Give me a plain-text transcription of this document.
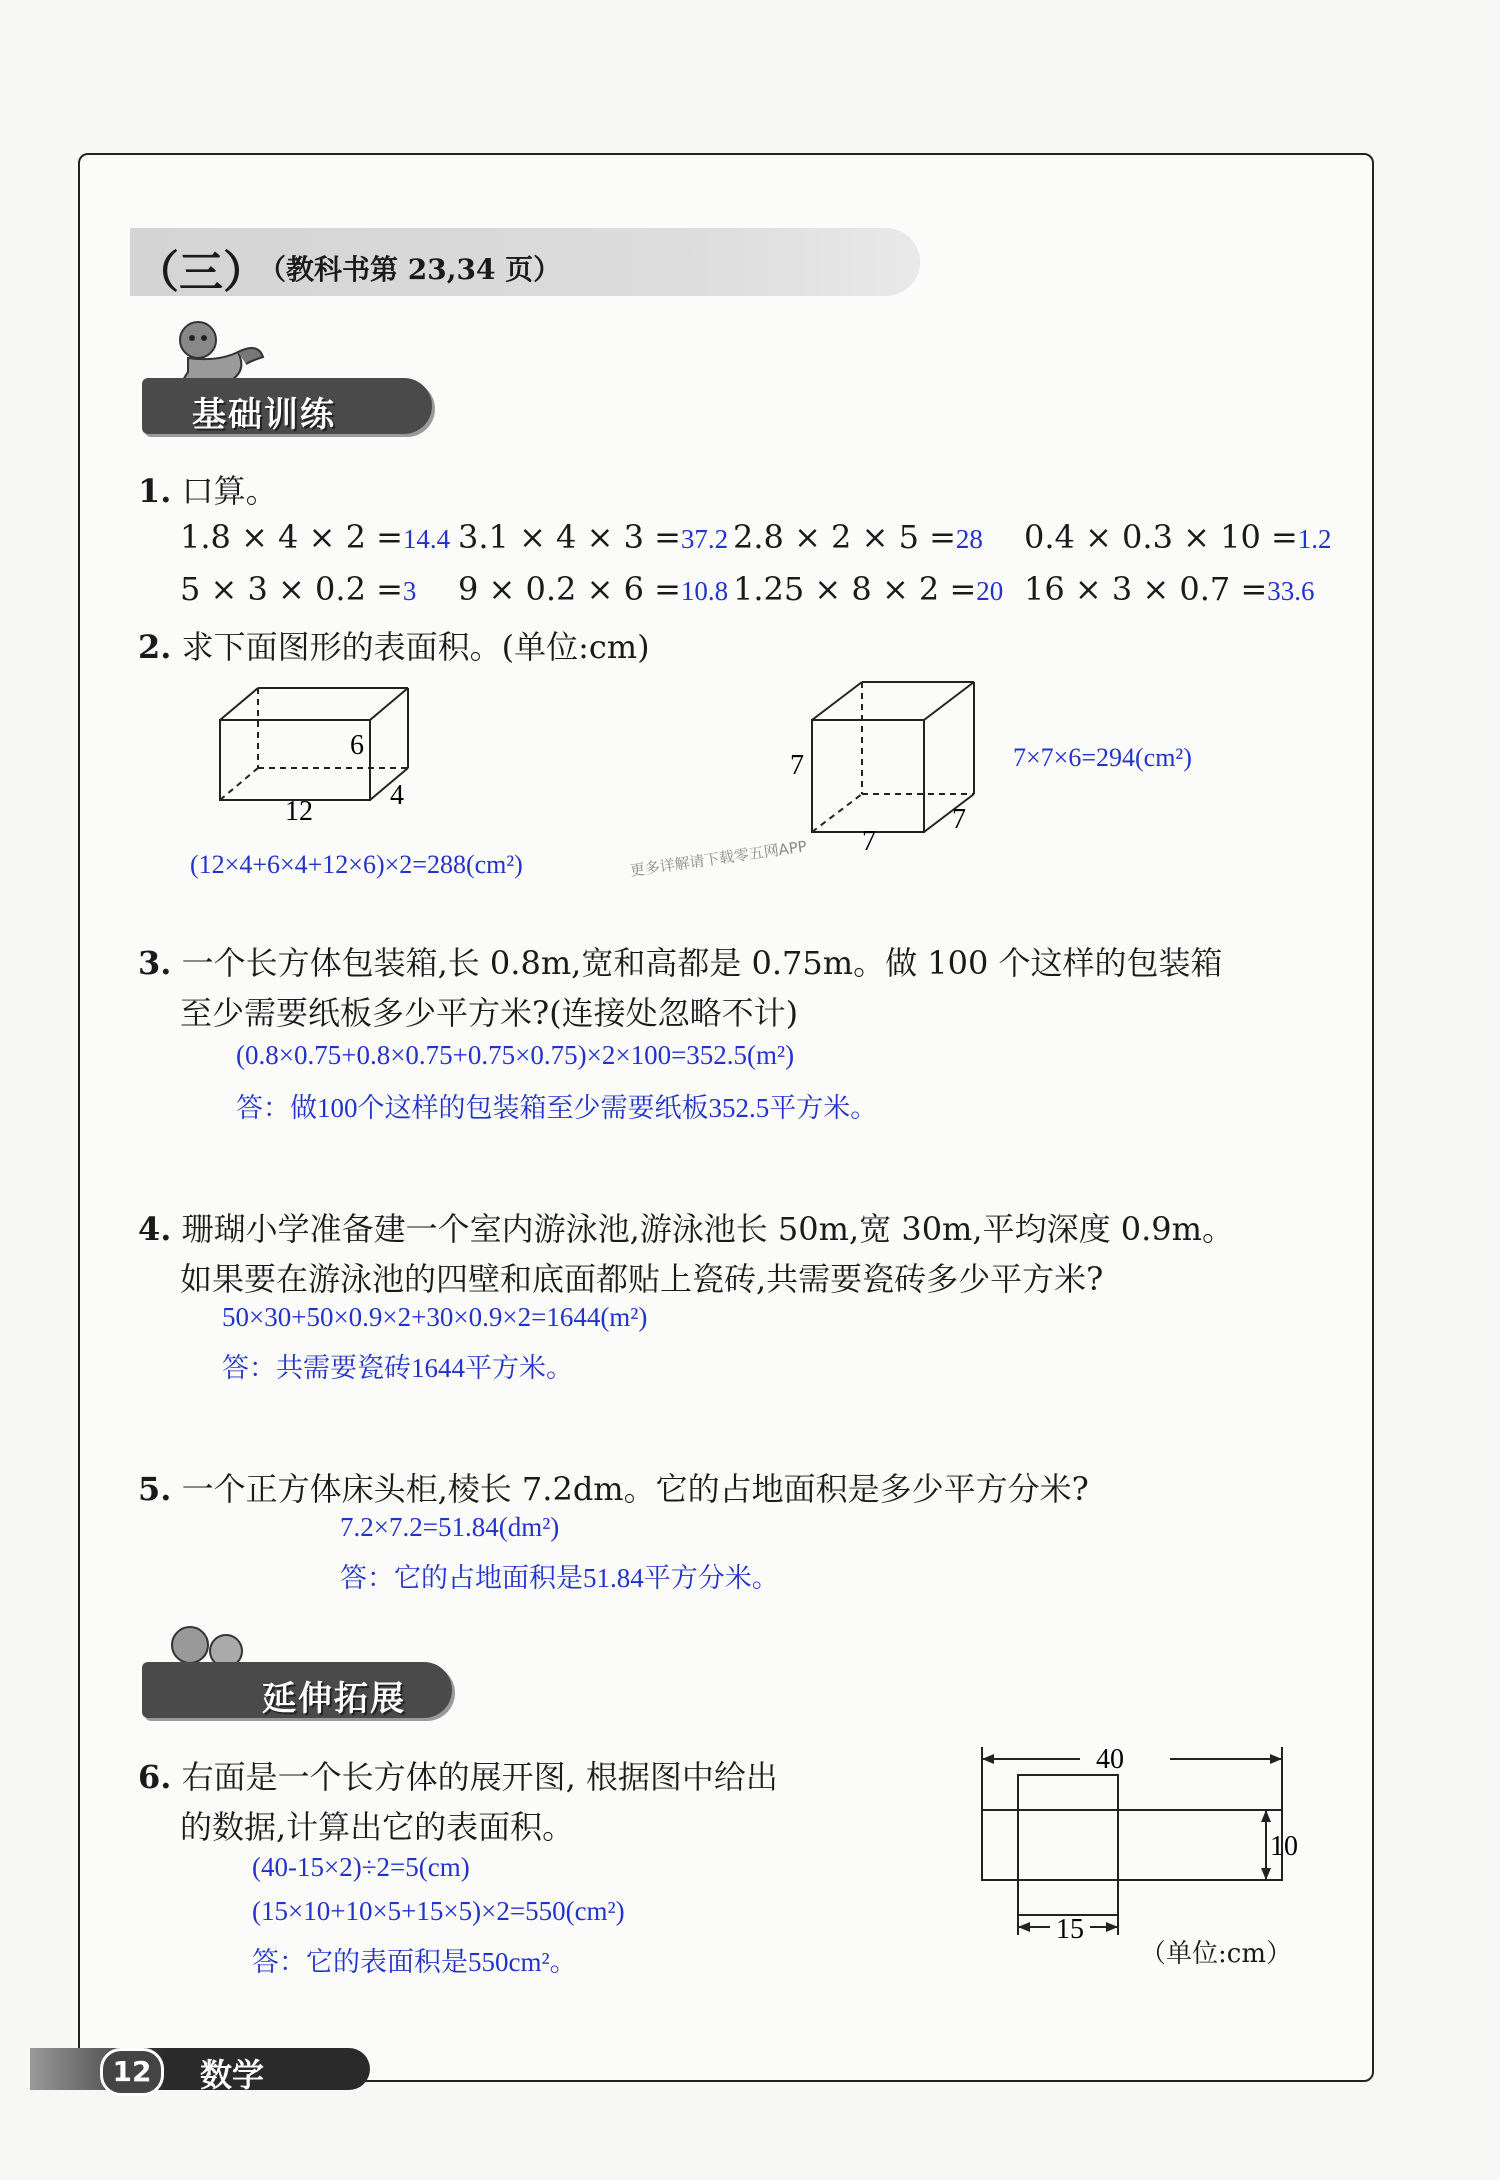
（三）
（教科书第 23,34 页）
基础训练
1. 口算。
1.8 × 4 × 2 =14.4 3.1 × 4 × 3 =37.2 2.8 × 2 × 5 =28 0.4 × 0.3 × 10 =1.2
5 × 3 × 0.2 =3 9 × 0.2 × 6 =10.8 1.25 × 8 × 2 =20 16 × 3 × 0.7 =33.6
2. 求下面图形的表面积。(单位:cm)
6
12
4
7
7
7
7×7×6=294(cm²)
(12×4+6×4+12×6)×2=288(cm²)	更多详解请下载零五网APP
3. 一个长方体包装箱,长 0.8m,宽和高都是 0.75m。做 100 个这样的包装箱
至少需要纸板多少平方米?(连接处忽略不计)
(0.8×0.75+0.8×0.75+0.75×0.75)×2×100=352.5(m²)
答：做100个这样的包装箱至少需要纸板352.5平方米。
4. 珊瑚小学准备建一个室内游泳池,游泳池长 50m,宽 30m,平均深度 0.9m。
如果要在游泳池的四壁和底面都贴上瓷砖,共需要瓷砖多少平方米?
50×30+50×0.9×2+30×0.9×2=1644(m²)
答：共需要瓷砖1644平方米。
5. 一个正方体床头柜,棱长 7.2dm。它的占地面积是多少平方分米?
7.2×7.2=51.84(dm²)
答：它的占地面积是51.84平方分米。
延伸拓展
6. 右面是一个长方体的展开图, 根据图中给出
的数据,计算出它的表面积。
(40-15×2)÷2=5(cm)
(15×10+10×5+15×5)×2=550(cm²)
答：它的表面积是550cm²。
40
10
15
（单位:cm）
12	数学
